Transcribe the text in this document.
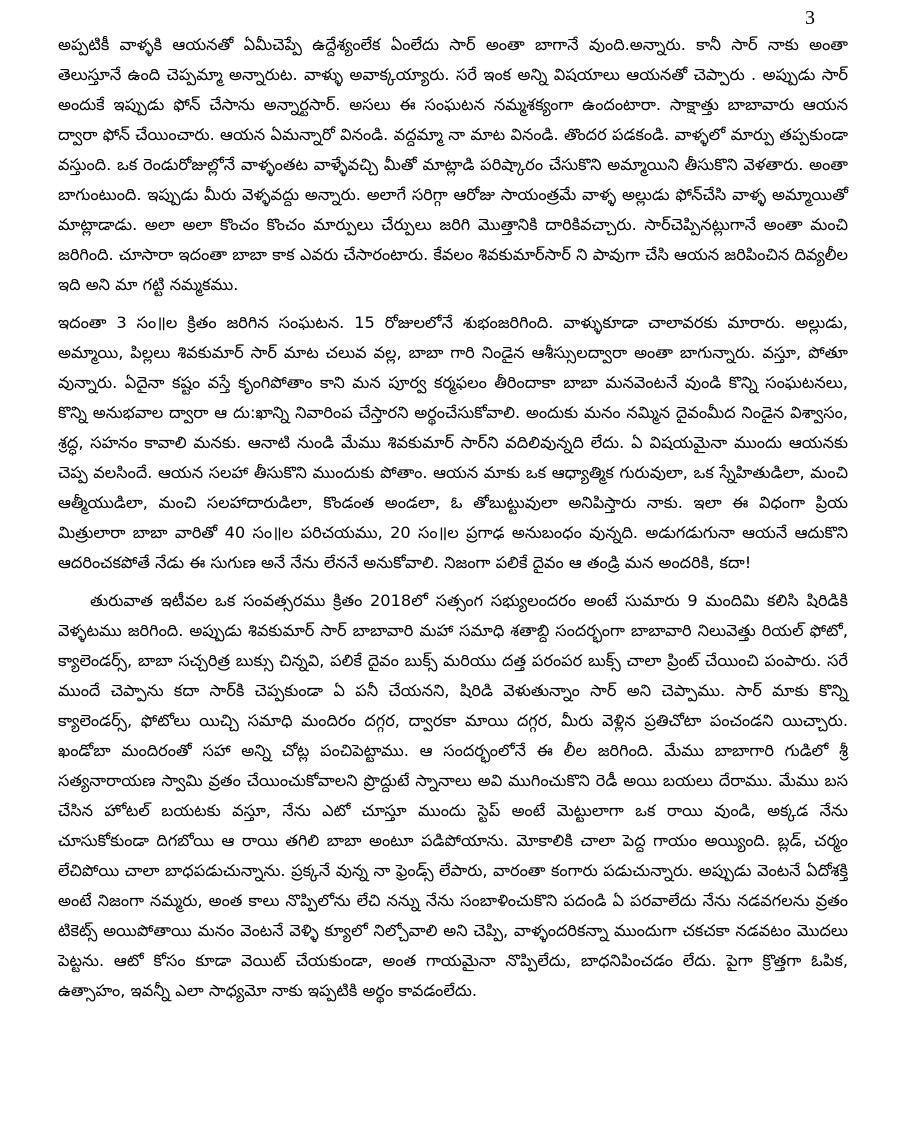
3

అప్పటికీ వాళ్ళకి ఆయనతో ఏమీచెప్పే ఉద్దేశ్యంలేక ఏంలేదు సార్ అంతా బాగానే వుంది.అన్నారు. కానీ సార్ నాకు అంతా తెలుస్తూనే ఉంది చెప్పమ్మా అన్నారుట. వాళ్ళు అవాక్కయ్యారు. సరే ఇంక అన్ని విషయాలు ఆయనతో చెప్పారు . అప్పుడు సార్ అందుకే ఇప్పుడు ఫోన్ చేసాను అన్నార్టసార్. అసలు ఈ సంఘటన నమ్మశక్యంగా ఉందంటారా. సాక్షాత్తు బాబావారు ఆయన ద్వారా ఫోన్ చేయించారు. ఆయన ఏమన్నారో వినండి. వద్దమ్మా నా మాట వినండి. తొందర పడకండి. వాళ్ళలో మార్పు తప్పకుండా వస్తుంది. ఒక రెండురోజుల్లోనే వాళ్ళంతట వాళ్ళేవచ్చి మీతో మాట్లాడి పరిష్కారం చేసుకొని అమ్మాయిని తీసుకొని వెళతారు. అంతా బాగుంటుంది. ఇప్పుడు మీరు వెళ్ళవద్దు అన్నారు. అలాగే సరిగ్గా ఆరోజు సాయంత్రమే వాళ్ళ అల్లుడు ఫోన్‌చేసి వాళ్ళ అమ్మాయితో మాట్లాడాడు. అలా అలా కొంచం కొంచం మార్పులు చేర్పులు జరిగి మొత్తానికి దారికివచ్చారు. సార్‌చెప్పినట్లుగానే అంతా మంచి జరిగింది. చూసారా ఇదంతా బాబా కాక ఎవరు చేసారంటారు. కేవలం శివకుమార్‌సార్ ని పావుగా చేసి ఆయన జరిపించిన దివ్యలీల ఇది అని మా గట్టి నమ్మకము.

ఇదంతా 3 సం॥ల క్రితం జరిగిన సంఘటన. 15 రోజులలోనే శుభంజరిగింది. వాళ్ళుకూడా చాలావరకు మారారు. అల్లుడు, అమ్మాయి, పిల్లలు శివకుమార్ సార్ మాట చలువ వల్ల, బాబా గారి నిండైన ఆశీస్సులద్వారా అంతా బాగున్నారు. వస్తూ, పోతూ వున్నారు. ఏదైనా కష్టం వస్తే కృంగిపోతాం కాని మన పూర్వ కర్మఫలం తీరిందాకా బాబా మనవెంటనే వుండి కొన్ని సంఘటనలు, కొన్ని అనుభవాల ద్వారా ఆ దు:ఖాన్ని నివారింప చేస్తారని అర్థంచేసుకోవాలి. అందుకు మనం నమ్మిన దైవంమీద నిండైన విశ్వాసం, శ్రద్ధ, సహనం కావాలి మనకు. ఆనాటి నుండి మేము శివకుమార్ సార్‌ని వదిలివున్నది లేదు. ఏ విషయమైనా ముందు ఆయనకు చెప్ప వలసిందే. ఆయన సలహా తీసుకొని ముందుకు పోతాం. ఆయన మాకు ఒక ఆధ్యాత్మిక గురువులా, ఒక స్నేహితుడిలా, మంచి ఆత్మీయుడిలా, మంచి సలహాదారుడిలా, కొండంత అండలా, ఓ తోబుట్టువులా అనిపిస్తారు నాకు. ఇలా ఈ విధంగా ప్రియ మిత్రులారా బాబా వారితో 40 సం॥ల పరిచయము, 20 సం॥ల ప్రగాఢ అనుబంధం వున్నది. అడుగడుగునా ఆయనే ఆదుకొని ఆదరించకపోతే నేడు ఈ సుగుణ అనే నేను లేననే అనుకోవాలి. నిజంగా పలికే దైవం ఆ తండ్రి మన అందరికి, కదా!

తురువాత ఇటీవల ఒక సంవత్సరము క్రితం 2018లో సత్సంగ సభ్యులందరం అంటే సుమారు 9 మందిమి కలిసి షిరిడికి వెళ్ళటము జరిగింది. అప్పుడు శివకుమార్ సార్ బాబావారి మహా సమాధి శతాబ్ది సందర్భంగా బాబావారి నిలువెత్తు రియల్ ఫోటో, క్యాలెండర్స్, బాబా సచ్చరిత్ర బుక్సు చిన్నవి, పలికే దైవం బుక్స్ మరియు దత్త పరంపర బుక్స్ చాలా ప్రింట్ చేయించి పంపారు. సరే ముందే చెప్పాను కదా సార్‌కి చెప్పకుండా ఏ పనీ చేయనని, షిరిడి వెళుతున్నాం సార్ అని చెప్పాము. సార్ మాకు కొన్ని క్యాలెండర్స్, ఫోటోలు యిచ్చి సమాధి మందిరం దగ్గర, ద్వారకా మాయి దగ్గర, మీరు వెళ్లిన ప్రతిచోటా పంచండని యిచ్చారు. ఖండోబా మందిరంతో సహా అన్ని చోట్ల పంచిపెట్టాము. ఆ సందర్భంలోనే ఈ లీల జరిగింది. మేము బాబాగారి గుడిలో శ్రీ సత్యనారాయణ స్వామి వ్రతం చేయించుకోవాలని ప్రొద్దుటే స్నానాలు అవి ముగించుకొని రెడీ అయి బయలు దేరాము. మేము బస చేసిన హోటల్ బయటకు వస్తూ, నేను ఎటో చూస్తూ ముందు స్టెప్ అంటే మెట్టులాగా ఒక రాయి వుండి, అక్కడ నేను చూసుకోకుండా దిగబోయి ఆ రాయి తగిలి బాబా అంటూ పడిపోయాను. మోకాలికి చాలా పెద్ద గాయం అయ్యింది. బ్లడ్, చర్మం లేచిపోయి చాలా బాధపడుచున్నాను. ప్రక్కనే వున్న నా ఫ్రెండ్స్ లేపారు, వారంతా కంగారు పడుచున్నారు. అప్పుడు వెంటనే ఏదోశక్తి అంటే నిజంగా నమ్మరు, అంత కాలు నొప్పిలోను లేచి నన్ను నేను సంబాళించుకొని పదండి ఏ పరవాలేదు నేను నడవగలను వ్రతం టికెట్స్ అయిపోతాయి మనం వెంటనే వెళ్ళి క్యూలో నిల్చోవాలి అని చెప్పి, వాళ్ళందరికన్నా ముందుగా చకచకా నడవటం మొదలు పెట్టను. ఆటో కోసం కూడా వెయిట్ చేయకుండా, అంత గాయమైనా నొప్పిలేదు, బాధనిపించడం లేదు. పైగా క్రొత్తగా ఓపిక, ఉత్సాహం, ఇవన్నీ ఎలా సాధ్యమో నాకు ఇప్పటికి అర్థం కావడంలేదు.
